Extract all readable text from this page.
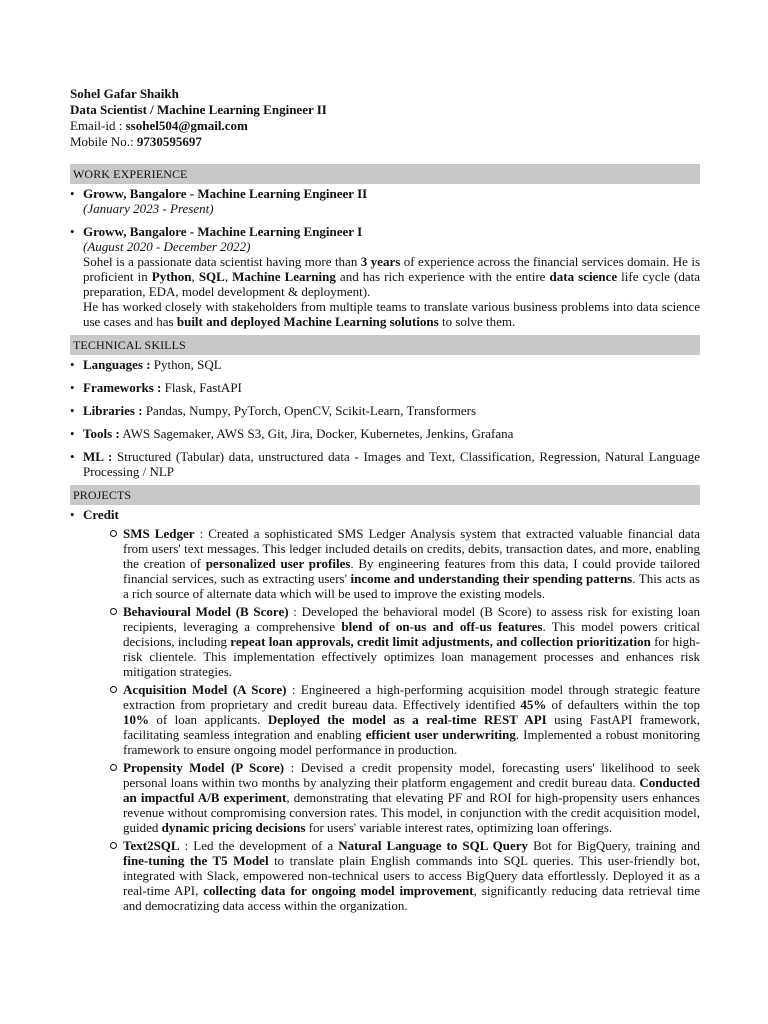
Sohel Gafar Shaikh
Data Scientist / Machine Learning Engineer II
Email-id : ssohel504@gmail.com
Mobile No.: 9730595697
WORK EXPERIENCE
• Groww, Bangalore - Machine Learning Engineer II
(January 2023 - Present)
• Groww, Bangalore - Machine Learning Engineer I
(August 2020 - December 2022)
Sohel is a passionate data scientist having more than 3 years of experience across the financial services domain. He is proficient in Python, SQL, Machine Learning and has rich experience with the entire data science life cycle (data preparation, EDA, model development & deployment).
He has worked closely with stakeholders from multiple teams to translate various business problems into data science use cases and has built and deployed Machine Learning solutions to solve them.
TECHNICAL SKILLS
• Languages : Python, SQL
• Frameworks : Flask, FastAPI
• Libraries : Pandas, Numpy, PyTorch, OpenCV, Scikit-Learn, Transformers
• Tools : AWS Sagemaker, AWS S3, Git, Jira, Docker, Kubernetes, Jenkins, Grafana
• ML : Structured (Tabular) data, unstructured data - Images and Text, Classification, Regression, Natural Language Processing / NLP
PROJECTS
• Credit
SMS Ledger : Created a sophisticated SMS Ledger Analysis system that extracted valuable financial data from users' text messages. This ledger included details on credits, debits, transaction dates, and more, enabling the creation of personalized user profiles. By engineering features from this data, I could provide tailored financial services, such as extracting users' income and understanding their spending patterns. This acts as a rich source of alternate data which will be used to improve the existing models.
Behavioural Model (B Score) : Developed the behavioral model (B Score) to assess risk for existing loan recipients, leveraging a comprehensive blend of on-us and off-us features. This model powers critical decisions, including repeat loan approvals, credit limit adjustments, and collection prioritization for high-risk clientele. This implementation effectively optimizes loan management processes and enhances risk mitigation strategies.
Acquisition Model (A Score) : Engineered a high-performing acquisition model through strategic feature extraction from proprietary and credit bureau data. Effectively identified 45% of defaulters within the top 10% of loan applicants. Deployed the model as a real-time REST API using FastAPI framework, facilitating seamless integration and enabling efficient user underwriting. Implemented a robust monitoring framework to ensure ongoing model performance in production.
Propensity Model (P Score) : Devised a credit propensity model, forecasting users' likelihood to seek personal loans within two months by analyzing their platform engagement and credit bureau data. Conducted an impactful A/B experiment, demonstrating that elevating PF and ROI for high-propensity users enhances revenue without compromising conversion rates. This model, in conjunction with the credit acquisition model, guided dynamic pricing decisions for users' variable interest rates, optimizing loan offerings.
Text2SQL : Led the development of a Natural Language to SQL Query Bot for BigQuery, training and fine-tuning the T5 Model to translate plain English commands into SQL queries. This user-friendly bot, integrated with Slack, empowered non-technical users to access BigQuery data effortlessly. Deployed it as a real-time API, collecting data for ongoing model improvement, significantly reducing data retrieval time and democratizing data access within the organization.
